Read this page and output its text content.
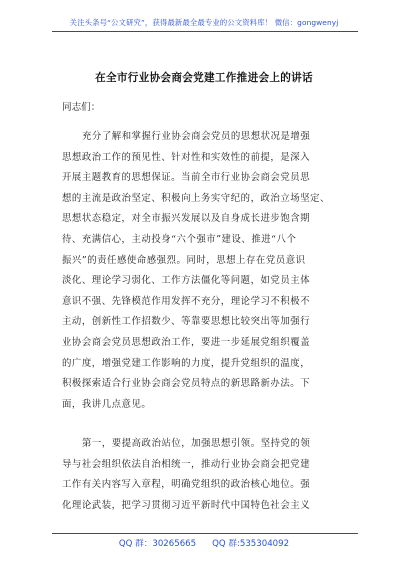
关注头条号“公文研究”，获得最新最全最专业的公文资料库！ 微信：gongwenyj
在全市行业协会商会党建工作推进会上的讲话
同志们：
充分了解和掌握行业协会商会党员的思想状况是增强
思想政治工作的预见性、针对性和实效性的前提，是深入
开展主题教育的思想保证。当前全市行业协会商会党员思
想的主流是政治坚定、积极向上务实守纪的，政治立场坚定、
思想状态稳定，对全市振兴发展以及自身成长进步饱含期
待、充满信心，主动投身“六个强市”建设、推进“八个
振兴”的责任感使命感强烈。同时，思想上存在党员意识
淡化、理论学习弱化、工作方法僵化等问题，如党员主体
意识不强、先锋模范作用发挥不充分，理论学习不积极不
主动，创新性工作招数少、等靠要思想比较突出等加强行
业协会商会党员思想政治工作，要进一步延展党组织覆盖
的广度，增强党建工作影响的力度，提升党组织的温度，
积极探索适合行业协会商会党员特点的新思路新办法。下
面，我讲几点意见。
第一，要提高政治站位，加强思想引领。坚持党的领
导与社会组织依法自治相统一，推动行业协会商会把党建
工作有关内容写入章程，明确党组织的政治核心地位。强
化理论武装，把学习贯彻习近平新时代中国特色社会主义
QQ 群：30265665 QQ 群:535304092
